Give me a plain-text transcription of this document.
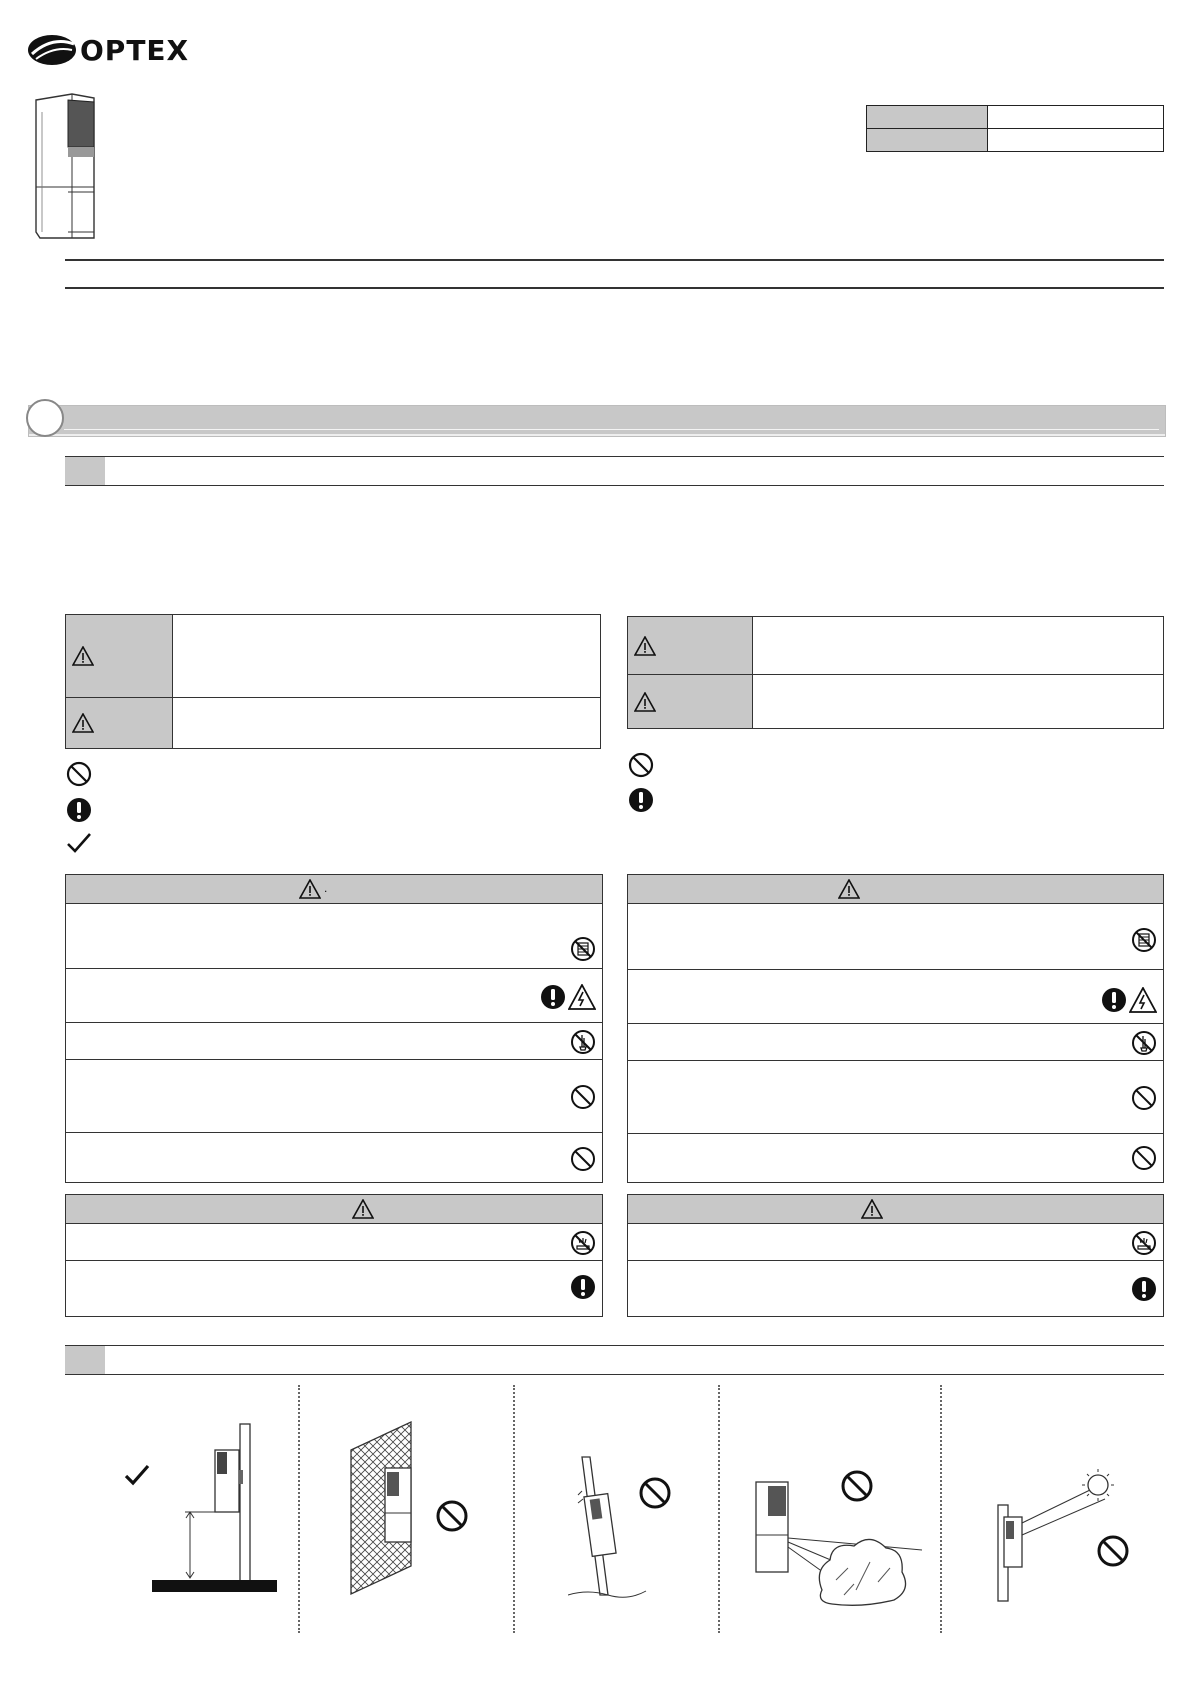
OPTEX

.
